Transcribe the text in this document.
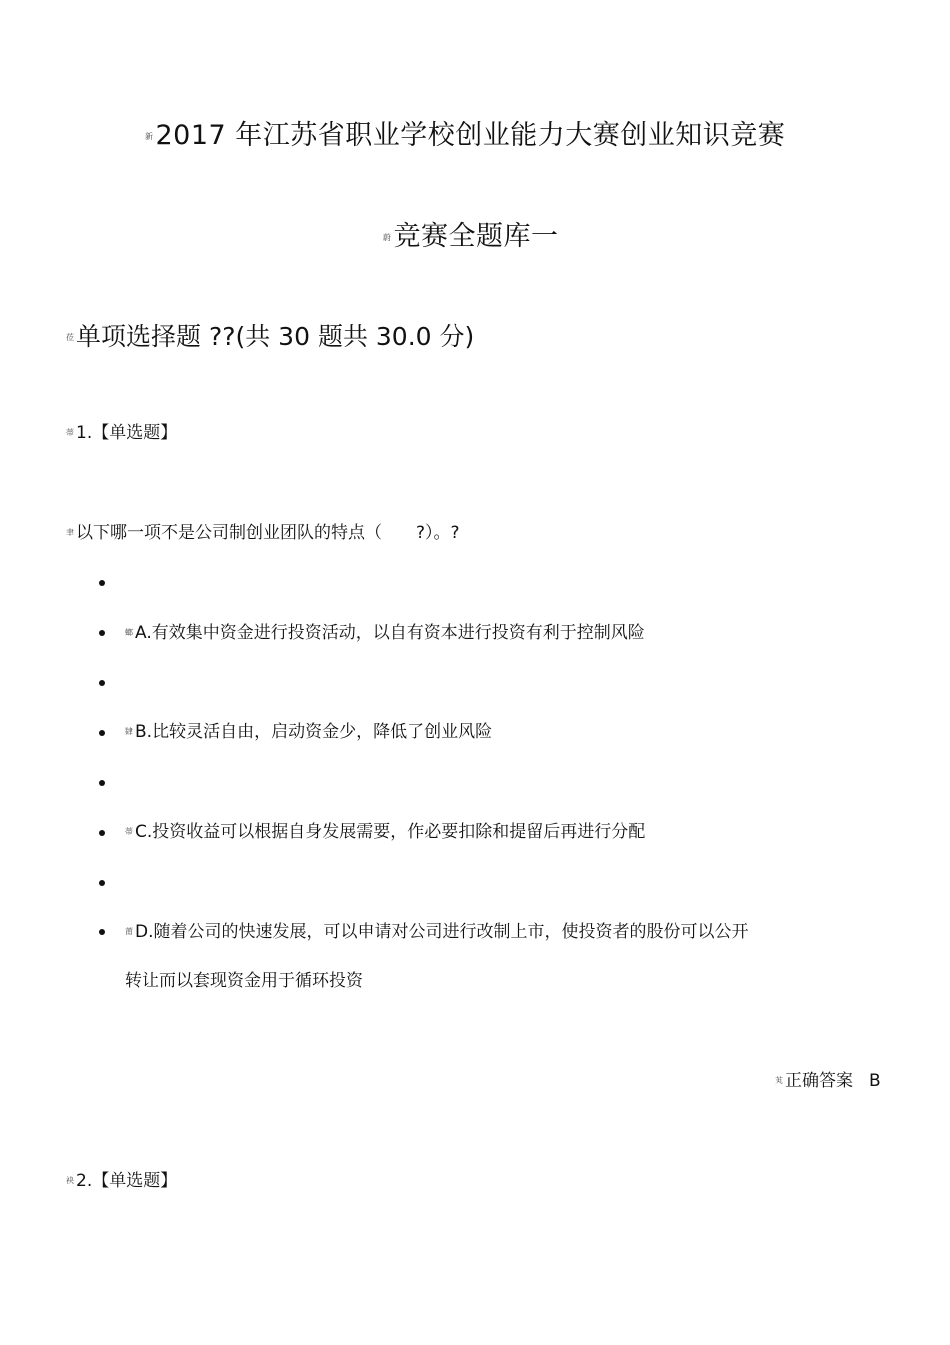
新2017 年江苏省职业学校创业能力大赛创业知识竞赛
蔚竞赛全题库一
莅单项选择题 ??(共 30 题共 30.0 分)
蒂 1.【单选题】
聿 以下哪一项不是公司制创业团队的特点（　　?）。?
螂 A.有效集中资金进行投资活动，以自有资本进行投资有利于控制风险
肄 B.比较灵活自由，启动资金少，降低了创业风险
蒂 C.投资收益可以根据自身发展需要，作必要扣除和提留后再进行分配
莆 D.随着公司的快速发展，可以申请对公司进行改制上市，使投资者的股份可以公开
转让而以套现资金用于循环投资
芄 正确答案 B
袂 2.【单选题】
